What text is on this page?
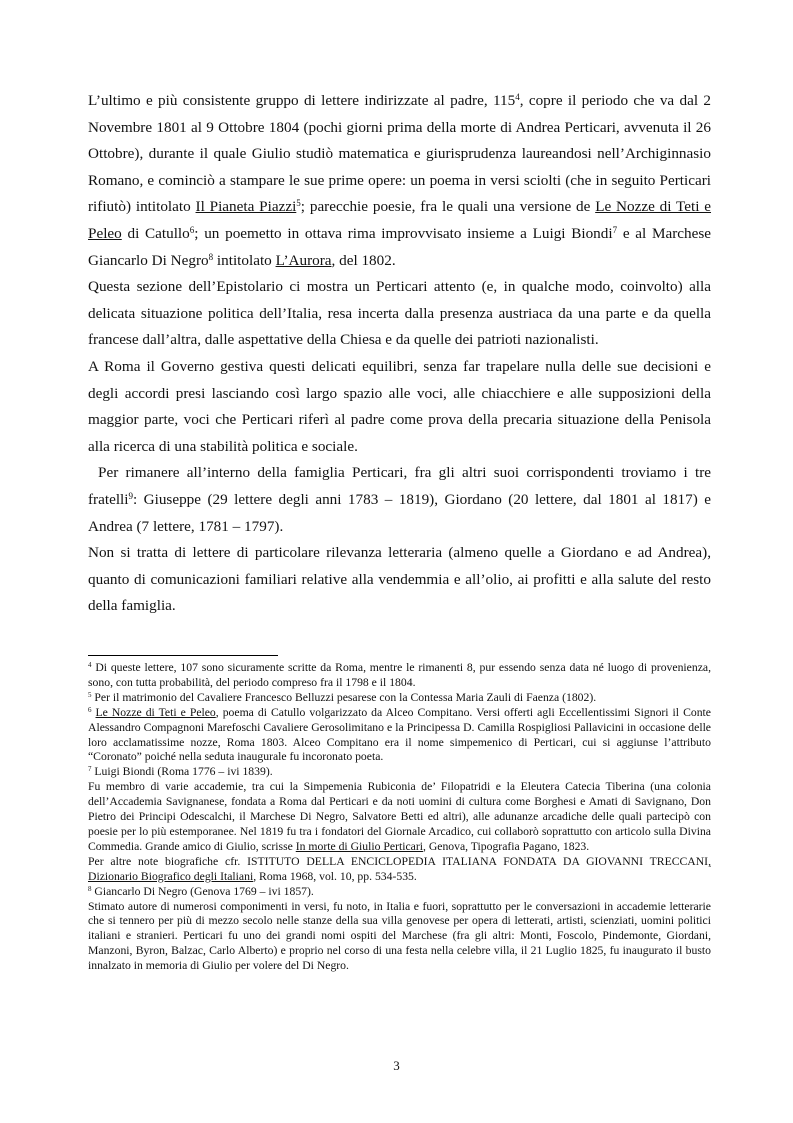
L’ultimo e più consistente gruppo di lettere indirizzate al padre, $115^4$, copre il periodo che va dal 2 Novembre 1801 al 9 Ottobre 1804 (pochi giorni prima della morte di Andrea Perticari, avvenuta il 26 Ottobre), durante il quale Giulio studiò matematica e giurisprudenza laureandosi nell’Archiginnasio Romano, e cominciò a stampare le sue prime opere: un poema in versi sciolti (che in seguito Perticari rifiutò) intitolato Il Pianeta Piazzi$^5$; parecchie poesie, fra le quali una versione de Le Nozze di Teti e Peleo di Catullo$^6$; un poemetto in ottava rima improvvisato insieme a Luigi Biondi$^7$ e al Marchese Giancarlo Di Negro$^8$ intitolato L’Aurora, del 1802.

Questa sezione dell’Epistolario ci mostra un Perticari attento (e, in qualche modo, coinvolto) alla delicata situazione politica dell’Italia, resa incerta dalla presenza austriaca da una parte e da quella francese dall’altra, dalle aspettative della Chiesa e da quelle dei patrioti nazionalisti.

A Roma il Governo gestiva questi delicati equilibri, senza far trapelare nulla delle sue decisioni e degli accordi presi lasciando così largo spazio alle voci, alle chiacchiere e alle supposizioni della maggior parte, voci che Perticari riferì al padre come prova della precaria situazione della Penisola alla ricerca di una stabilità politica e sociale.

Per rimanere all’interno della famiglia Perticari, fra gli altri suoi corrispondenti troviamo i tre fratelli$^9$: Giuseppe (29 lettere degli anni 1783 – 1819), Giordano (20 lettere, dal 1801 al 1817) e Andrea (7 lettere, 1781 – 1797).

Non si tratta di lettere di particolare rilevanza letteraria (almeno quelle a Giordano e ad Andrea), quanto di comunicazioni familiari relative alla vendemmia e all’olio, ai profitti e alla salute del resto della famiglia.

$^4$ Di queste lettere, 107 sono sicuramente scritte da Roma, mentre le rimanenti 8, pur essendo senza data né luogo di provenienza, sono, con tutta probabilità, del periodo compreso fra il 1798 e il 1804.

$^5$ Per il matrimonio del Cavaliere Francesco Belluzzi pesarese con la Contessa Maria Zauli di Faenza (1802).

$^6$ Le Nozze di Teti e Peleo, poema di Catullo volgarizzato da Alceo Compitano. Versi offerti agli Eccellentissimi Signori il Conte Alessandro Compagnoni Marefoschi Cavaliere Gerosolimitano e la Principessa D. Camilla Rospigliosi Pallavicini in occasione delle loro acclamatissime nozze, Roma 1803. Alceo Compitano era il nome simpemenico di Perticari, cui si aggiunse l’attributo “Coronato” poiché nella seduta inaugurale fu incoronato poeta.

$^7$ Luigi Biondi (Roma 1776 – ivi 1839).

Fu membro di varie accademie, tra cui la Simpemenia Rubiconia de’ Filopatridi e la Eleutera Catecia Tiberina (una colonia dell’Accademia Savignanese, fondata a Roma dal Perticari e da noti uomini di cultura come Borghesi e Amati di Savignano, Don Pietro dei Principi Odescalchi, il Marchese Di Negro, Salvatore Betti ed altri), alle adunanze arcadiche delle quali partecipò con poesie per lo più estemporanee. Nel 1819 fu tra i fondatori del Giornale Arcadico, cui collaborò soprattutto con articolo sulla Divina Commedia. Grande amico di Giulio, scrisse In morte di Giulio Perticari, Genova, Tipografia Pagano, 1823.

Per altre note biografiche cfr. ISTITUTO DELLA ENCICLOPEDIA ITALIANA FONDATA DA GIOVANNI TRECCANI, Dizionario Biografico degli Italiani, Roma 1968, vol. 10, pp. 534-535.

$^8$ Giancarlo Di Negro (Genova 1769 – ivi 1857).

Stimato autore di numerosi componimenti in versi, fu noto, in Italia e fuori, soprattutto per le conversazioni in accademie letterarie che si tennero per più di mezzo secolo nelle stanze della sua villa genovese per opera di letterati, artisti, scienziati, uomini politici italiani e stranieri. Perticari fu uno dei grandi nomi ospiti del Marchese (fra gli altri: Monti, Foscolo, Pindemonte, Giordani, Manzoni, Byron, Balzac, Carlo Alberto) e proprio nel corso di una festa nella celebre villa, il 21 Luglio 1825, fu inaugurato il busto innalzato in memoria di Giulio per volere del Di Negro.

3
